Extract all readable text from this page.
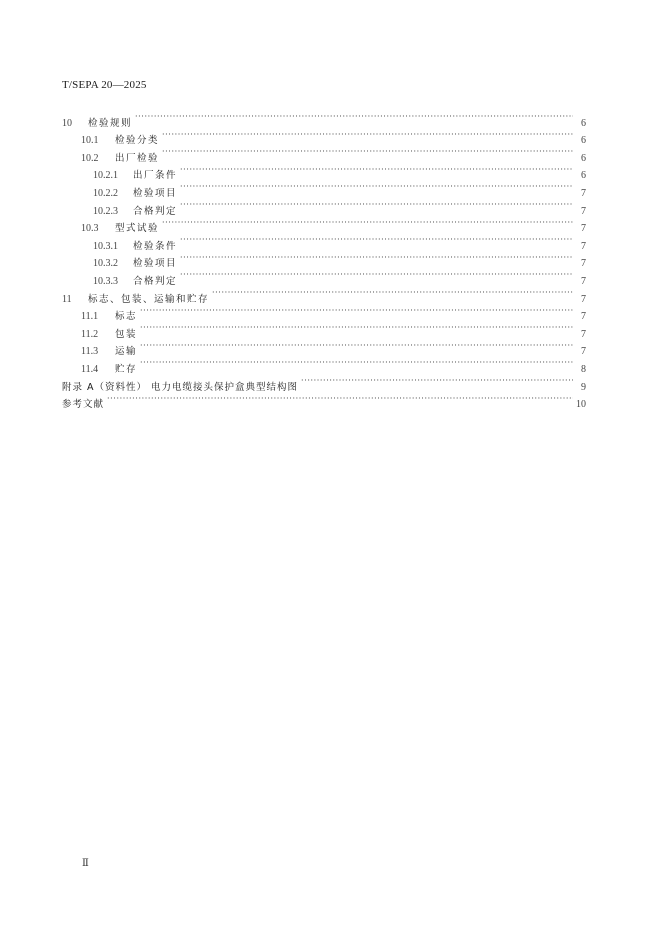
T/SEPA 20—2025
10	检验规则 ·····	6
10.1	检验分类 ·····	6
10.2	出厂检验 ·····	6
10.2.1	出厂条件 ·····	6
10.2.2	检验项目 ·····	7
10.2.3	合格判定 ·····	7
10.3	型式试验 ·····	7
10.3.1	检验条件 ·····	7
10.3.2	检验项目 ·····	7
10.3.3	合格判定 ·····	7
11	标志、包装、运输和贮存 ·····	7
11.1	标志 ·····	7
11.2	包装 ·····	7
11.3	运输 ·····	7
11.4	贮存 ·····	8
附录 A（资料性） 电力电缆接头保护盒典型结构图 ·····	9
参考文献 ·····	10
Ⅱ
